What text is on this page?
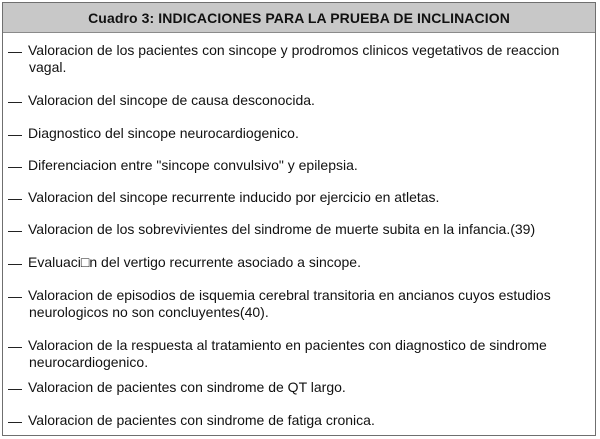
Cuadro 3: INDICACIONES PARA LA PRUEBA DE INCLINACION
Valoracion de los pacientes con sincope y prodromos clinicos vegetativos de reaccion
vagal.
Valoracion del sincope de causa desconocida.
Diagnostico del sincope neurocardiogenico.
Diferenciacion entre "sincope convulsivo" y epilepsia.
Valoracion del sincope recurrente inducido por ejercicio en atletas.
Valoracion de los sobrevivientes del sindrome de muerte subita en la infancia.(39)
Evaluaci□n del vertigo recurrente asociado a sincope.
Valoracion de episodios de isquemia cerebral transitoria en ancianos cuyos estudios
neurologicos no son concluyentes(40).
Valoracion de la respuesta al tratamiento en pacientes con diagnostico de sindrome
neurocardiogenico.
Valoracion de pacientes con sindrome de QT largo.
Valoracion de pacientes con sindrome de fatiga cronica.
